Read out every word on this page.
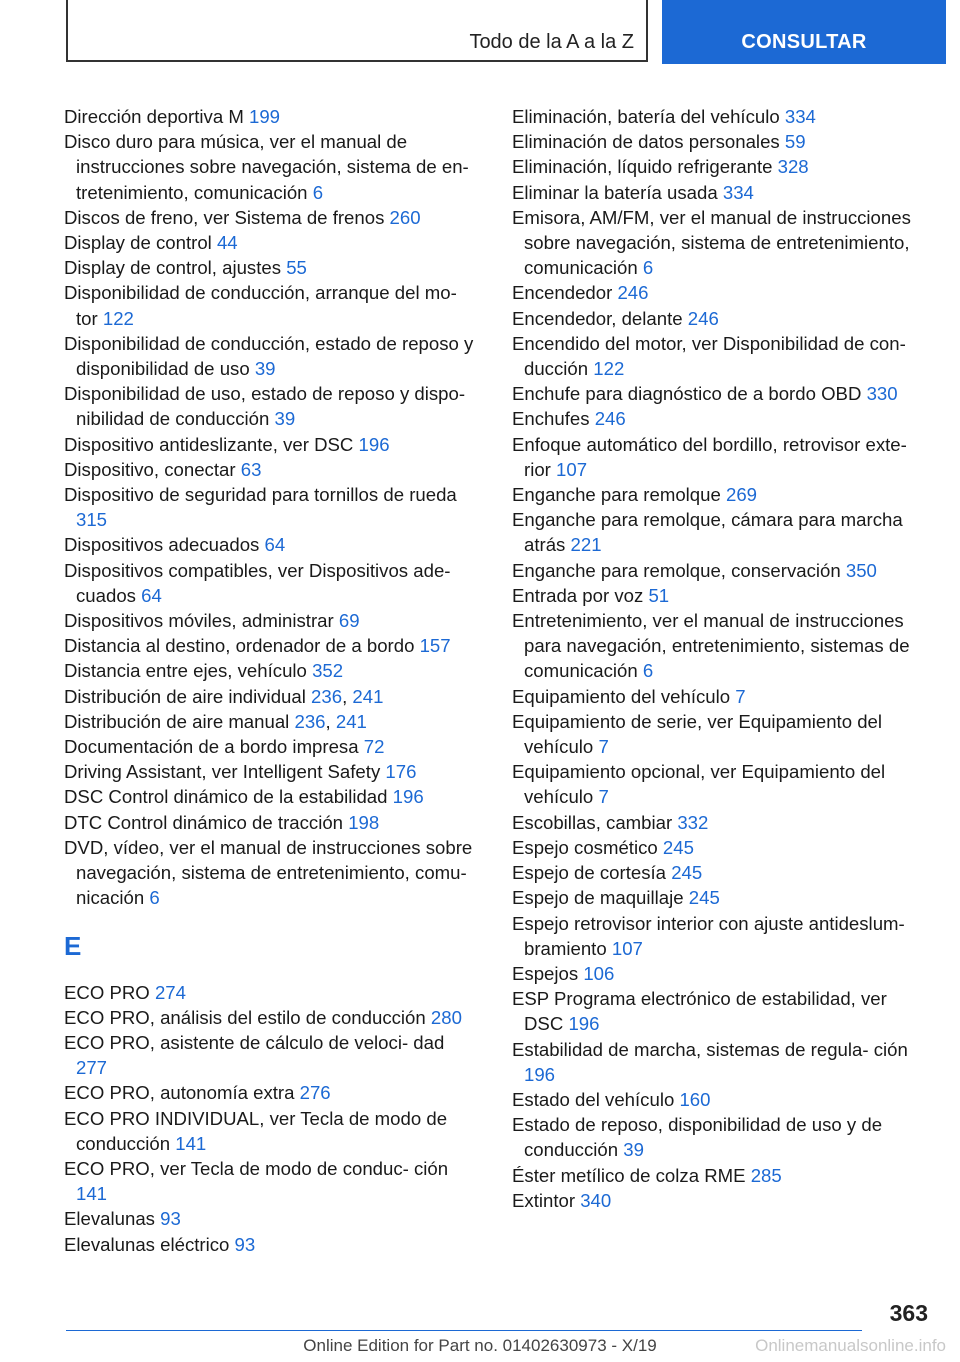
Todo de la A a la Z	CONSULTAR

Dirección deportiva M 199

Disco duro para música, ver el manual de instrucciones sobre navegación, sistema de en‐ tretenimiento, comunicación 6

Discos de freno, ver Sistema de frenos 260

Display de control 44

Display de control, ajustes 55

Disponibilidad de conducción, arranque del mo‐ tor 122

Disponibilidad de conducción, estado de reposo y disponibilidad de uso 39

Disponibilidad de uso, estado de reposo y dispo‐ nibilidad de conducción 39

Dispositivo antideslizante, ver DSC 196

Dispositivo, conectar 63

Dispositivo de seguridad para tornillos de rueda 315

Dispositivos adecuados 64

Dispositivos compatibles, ver Dispositivos ade‐ cuados 64

Dispositivos móviles, administrar 69

Distancia al destino, ordenador de a bordo 157

Distancia entre ejes, vehículo 352

Distribución de aire individual 236, 241

Distribución de aire manual 236, 241

Documentación de a bordo impresa 72

Driving Assistant, ver Intelligent Safety 176

DSC Control dinámico de la estabilidad 196

DTC Control dinámico de tracción 198

DVD, vídeo, ver el manual de instrucciones sobre navegación, sistema de entretenimiento, comu‐ nicación 6

E

ECO PRO 274

ECO PRO, análisis del estilo de conducción 280

ECO PRO, asistente de cálculo de veloci‐ dad 277

ECO PRO, autonomía extra 276

ECO PRO INDIVIDUAL, ver Tecla de modo de conducción 141

ECO PRO, ver Tecla de modo de conduc‐ ción 141

Elevalunas 93

Elevalunas eléctrico 93

Eliminación, batería del vehículo 334

Eliminación de datos personales 59

Eliminación, líquido refrigerante 328

Eliminar la batería usada 334

Emisora, AM/FM, ver el manual de instrucciones sobre navegación, sistema de entretenimiento, comunicación 6

Encendedor 246

Encendedor, delante 246

Encendido del motor, ver Disponibilidad de con‐ ducción 122

Enchufe para diagnóstico de a bordo OBD 330

Enchufes 246

Enfoque automático del bordillo, retrovisor exte‐ rior 107

Enganche para remolque 269

Enganche para remolque, cámara para marcha atrás 221

Enganche para remolque, conservación 350

Entrada por voz 51

Entretenimiento, ver el manual de instrucciones para navegación, entretenimiento, sistemas de comunicación 6

Equipamiento del vehículo 7

Equipamiento de serie, ver Equipamiento del vehículo 7

Equipamiento opcional, ver Equipamiento del vehículo 7

Escobillas, cambiar 332

Espejo cosmético 245

Espejo de cortesía 245

Espejo de maquillaje 245

Espejo retrovisor interior con ajuste antideslum‐ bramiento 107

Espejos 106

ESP Programa electrónico de estabilidad, ver DSC 196

Estabilidad de marcha, sistemas de regula‐ ción 196

Estado del vehículo 160

Estado de reposo, disponibilidad de uso y de conducción 39

Éster metílico de colza RME 285

Extintor 340

363
Online Edition for Part no. 01402630973 - X/19	Onlinemanualsonline.info
